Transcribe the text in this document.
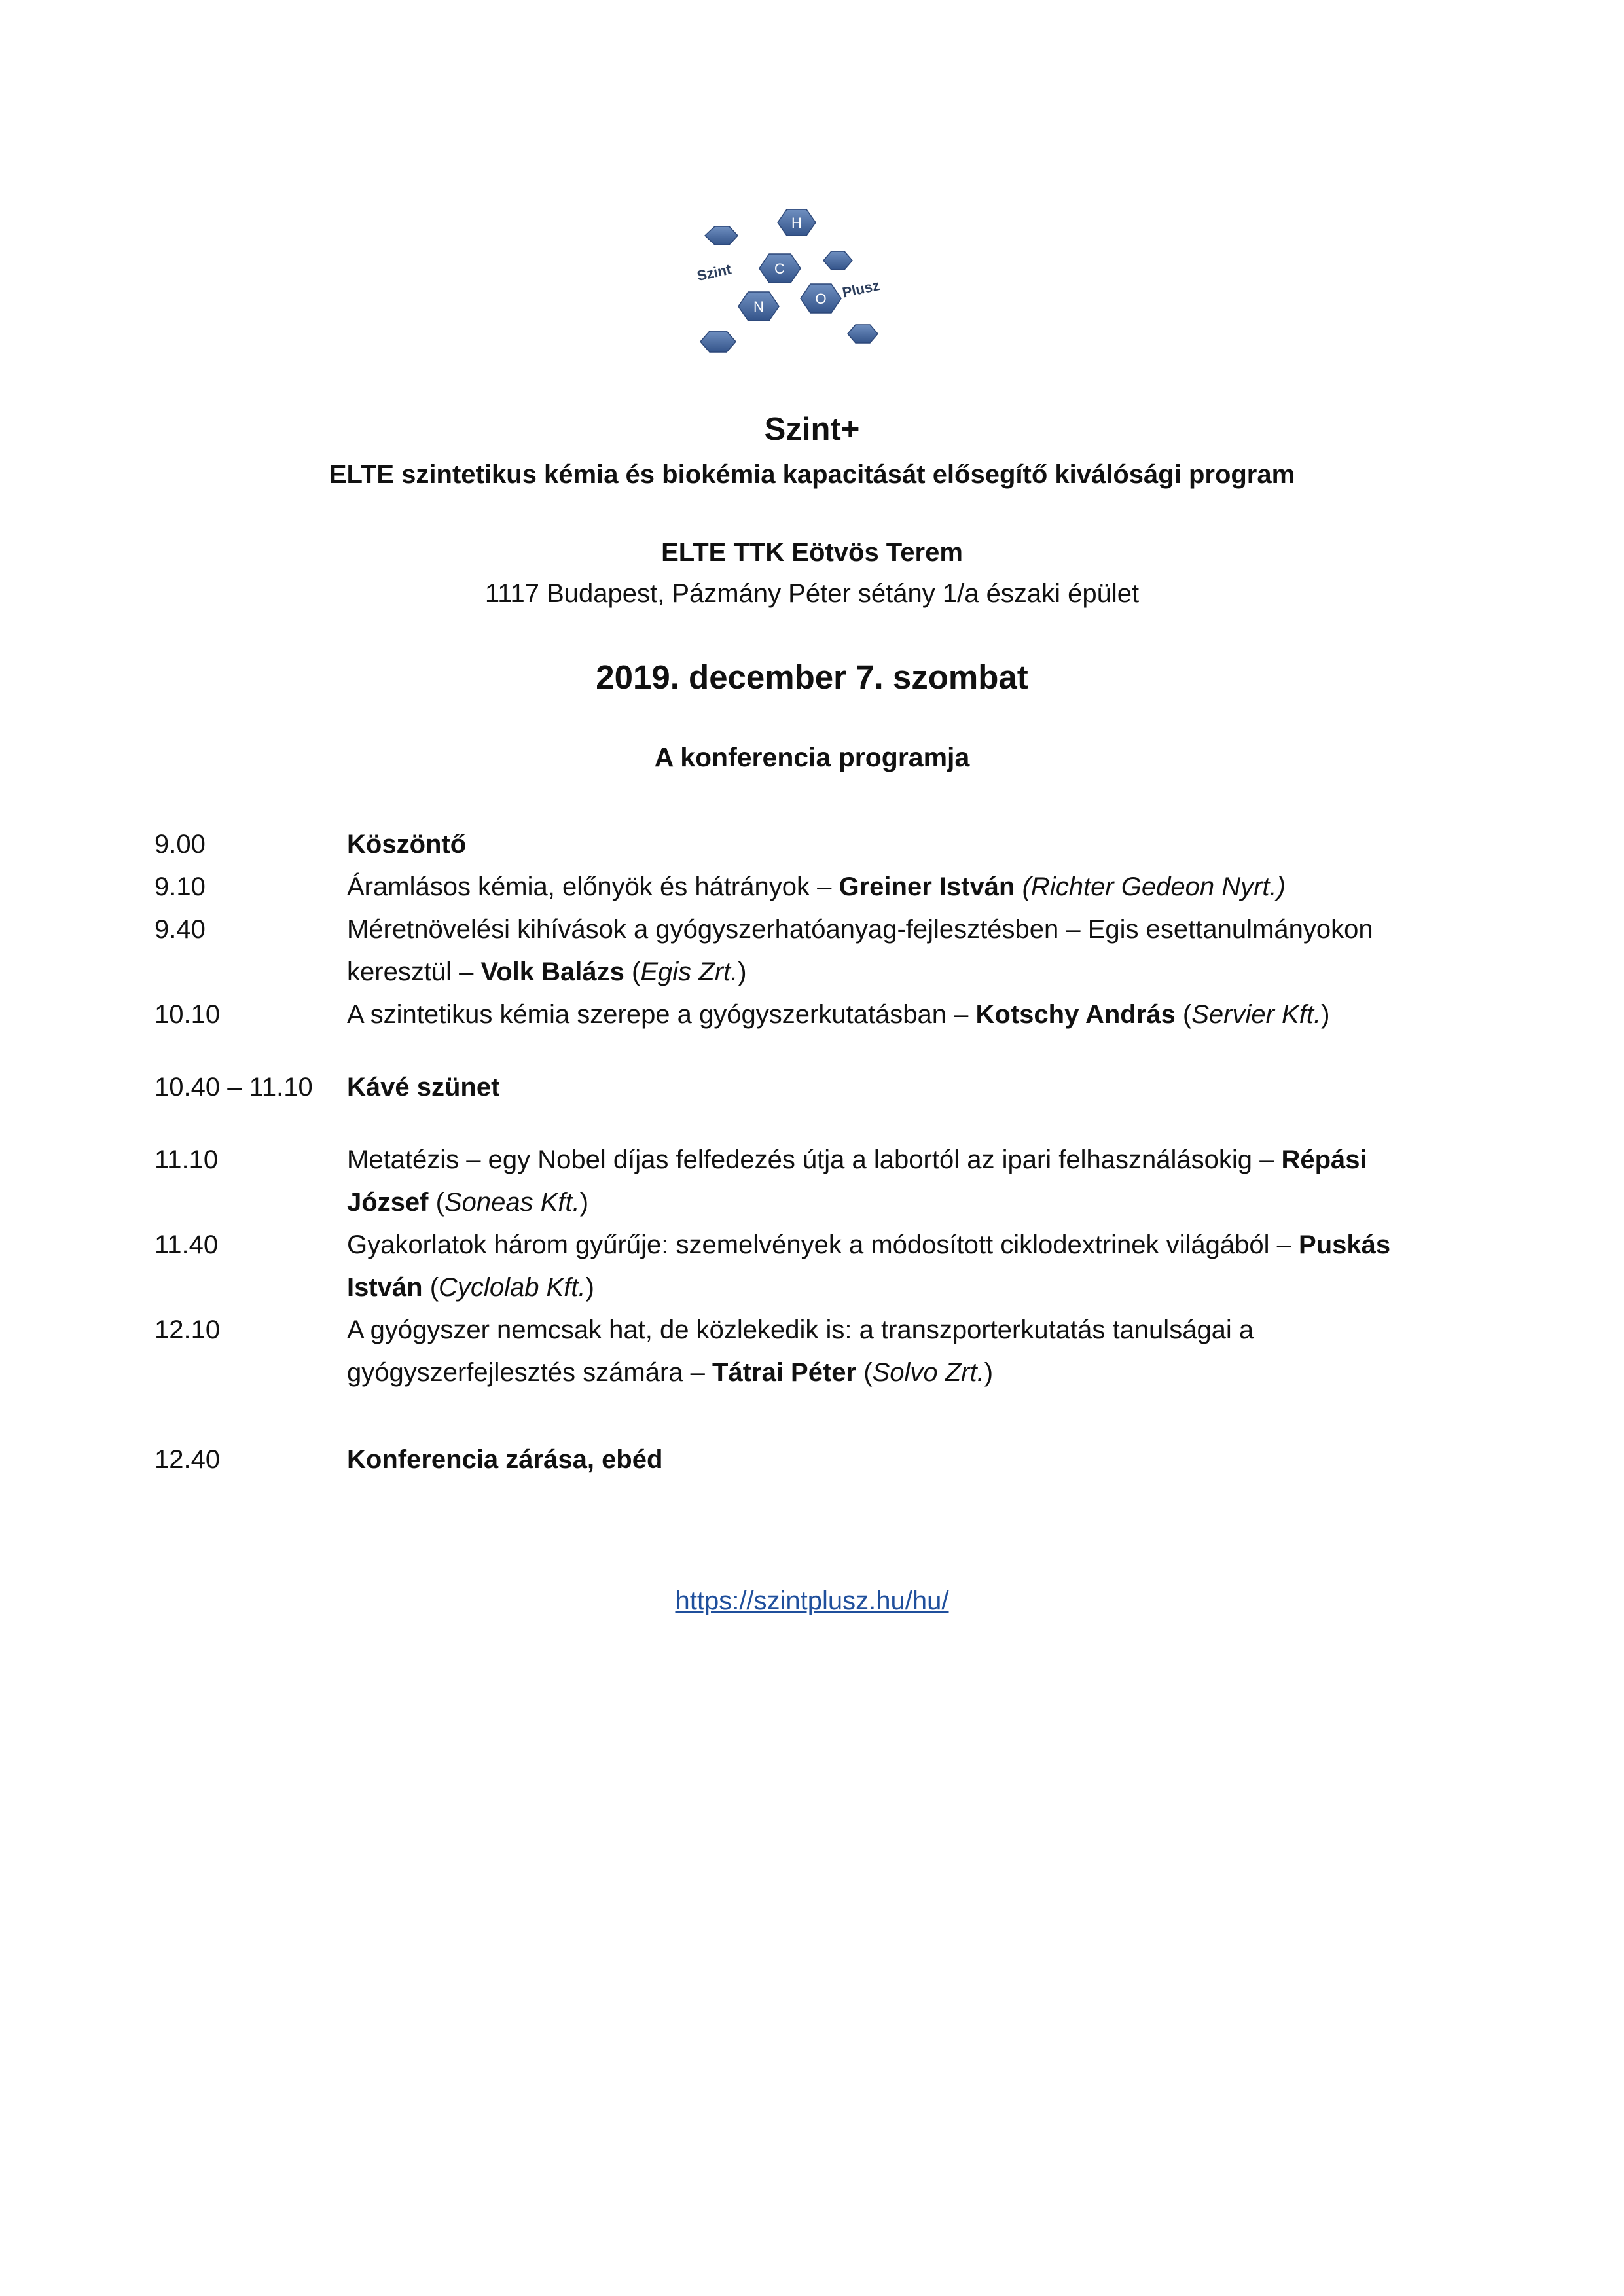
H
C
N	O
Szint
Plusz
Szint+
ELTE szintetikus kémia és biokémia kapacitását elősegítő kiválósági program
ELTE TTK Eötvös Terem
1117 Budapest, Pázmány Péter sétány 1/a északi épület
2019. december 7. szombat
A konferencia programja
9.00	Köszöntő
9.10	Áramlásos kémia, előnyök és hátrányok – Greiner István (Richter Gedeon Nyrt.)
9.40	Méretnövelési kihívások a gyógyszerhatóanyag-fejlesztésben – Egis esettanulmányokon keresztül – Volk Balázs (Egis Zrt.)
10.10	A szintetikus kémia szerepe a gyógyszerkutatásban – Kotschy András (Servier Kft.)
10.40 – 11.10	Kávé szünet
11.10	Metatézis – egy Nobel díjas felfedezés útja a labortól az ipari felhasználásokig – Répási József (Soneas Kft.)
11.40	Gyakorlatok három gyűrűje: szemelvények a módosított ciklodextrinek világából – Puskás István (Cyclolab Kft.)
12.10	A gyógyszer nemcsak hat, de közlekedik is: a transzporterkutatás tanulságai a gyógyszerfejlesztés számára – Tátrai Péter (Solvo Zrt.)
12.40	Konferencia zárása, ebéd
https://szintplusz.hu/hu/
